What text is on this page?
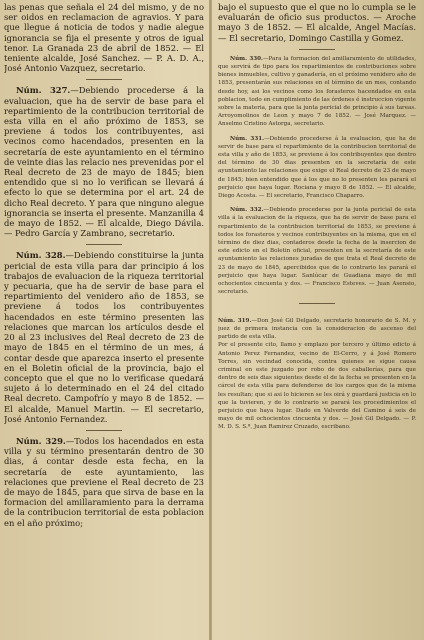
las penas que señala el 24 del mismo, y de no ser oidos en reclamacion de agravios. Y para que llegue á noticia de todos y nadie alegue ignorancia se fija el presente y otros de igual tenor. La Granada 23 de abril de 1852. — El teniente alcalde, José Sanchez. — P. A. D. A., José Antonio Vazquez, secretario.

Núm. 327.—Debiendo procederse á la evaluacion, que ha de servir de base para el repartimiento de la contribucion territorial de esta villa en el año próximo de 1853, se previene á todos los contribuyentes, asi vecinos como hacendados, presenten en la secretaría de este ayuntamiento en el término de veinte dias las relacio nes prevenidas por el Real decreto de 23 de mayo de 1845; bien entendido que si no lo verifican se llevará á efecto lo que se determina por el art. 24 de dicho Real decreto. Y para que ninguno alegue ignorancia se inserta el presente. Manzanilla 4 de mayo de 1852. — El alcalde, Diego Dávila. — Pedro García y Zambrano, secretario.

Núm. 328.—Debiendo constituirse la junta pericial de esta villa para dar principio á los trabajos de evaluacion de la riqueza territorial y pecuaria, que ha de servir de base para el repartimiento del venidero año de 1853, se previene á todos los contribuyentes hacendados en este término presenten las relaciones que marcan los artículos desde el 20 al 23 inclusives del Real decreto de 23 de mayo de 1845 en el término de un mes, á contar desde que aparezca inserto el presente en el Boletin oficial de la provincia, bajo el concepto que el que no lo verificase quedará sujeto á lo determinado en el 24 del citado Real decreto. Campofrío y mayo 8 de 1852. — El alcalde, Manuel Martin. — El secretario, José Antonio Fernandez.

Núm. 329.—Todos los hacendados en esta villa y su término presentarán dentro de 30 dias, á contar desde esta fecha, en la secretaría de este ayuntamiento, las relaciones que previene el Real decreto de 23 de mayo de 1845, para que sirva de base en la formacion del amillaramiento para la derrama de la contribucion territorial de esta poblacion en el año próximo;

bajo el supuesto que el que no lo cumpla se le evaluarán de oficio sus productos. — Aroche mayo 3 de 1852. — El alcalde, Angel Macías. — El secretario, Domingo Castilla y Gomez.

Núm. 330.—Para la formacion del amillaramiento de utilidades, que servirá de tipo para los repartimientos de contribuciones sobre bienes inmuebles, cultivo y ganadería, en el próximo venidero año de 1853, presentarán sus relaciones en el término de un mes, contando desde hoy, asi los vecinos como los forasteros hacendados en esta poblacion, todo en cumplimiento de las órdenes é instruccion vigente sobre la materia, para que la junta pericial de principio á sus tareas. Arroyomolinos de Leon y mayo 7 de 1852. — José Marquez. — Anselmo Cristino Astorga, secretario.

Núm. 331.—Debiendo procederse á la evaluacion, que ha de servir de base para el repartimiento de la contribucion territorial de esta villa y año de 1853, se previene á los contribuyentes que dentro del término de 30 dias presenten en la secretaría de este ayuntamiento las relaciones que exige el Real decreto de 23 de mayo de 1845; bien entendido que á los que no lo presenten les parará el perjuicio que haya lugar. Rociana y mayo 8 de 1852. — El alcalde, Diego Acosta. — El secretario, Francisco Chaparro.

Núm. 332.—Debiendo procederse por la junta pericial de esta villa á la evaluacion de la riqueza, que ha de servir de base para el repartimiento de la contribucion territorial de 1853, se previene á todos los forasteros y vecinos contribuyentes en la misma, que en el término de diez dias, contaderos desde la fecha de la insercion de este edicto en el Boletin oficial, presenten en la secretaría de este ayuntamiento las relaciones juradas de que trata el Real decreto de 23 de mayo de 1845, apercibidos que de lo contrario les parará el perjuicio que haya lugar. Sanlúcar de Guadiana mayo de mil ochocientos cincuenta y dos. — Francisco Esteves. — Juan Asensio, secretario.

Núm. 319.—Don José Gil Delgado, secretario honorario de S. M. y juez de primera instancia con la consideracion de ascenso del partido de esta villa.
Por el presente cito, llamo y emplazo por tercero y último edicto á Antonio Perez Fernandez, vecino de El-Cerro, y á José Romero Torres, sin vecindad conocida, contra quienes se sigue causa criminal en este juzgado por robo de dos caballerías, para que dentro de seis dias siguientes desde el de la fecha se presenten en la cárcel de esta villa para defenderse de los cargos que de la misma les resultan; que si asi lo hicieren se les oirá y guardará justicia en lo que la tuvieren, y de lo contrario se parará les procedimientos el perjuicio que haya lugar. Dado en Valverde del Camino á seis de mayo de mil ochocientos cincuenta y dos. — José Gil Delgado. — P. M. D. S. S.ª, Juan Ramirez Cruzado, escribano.
